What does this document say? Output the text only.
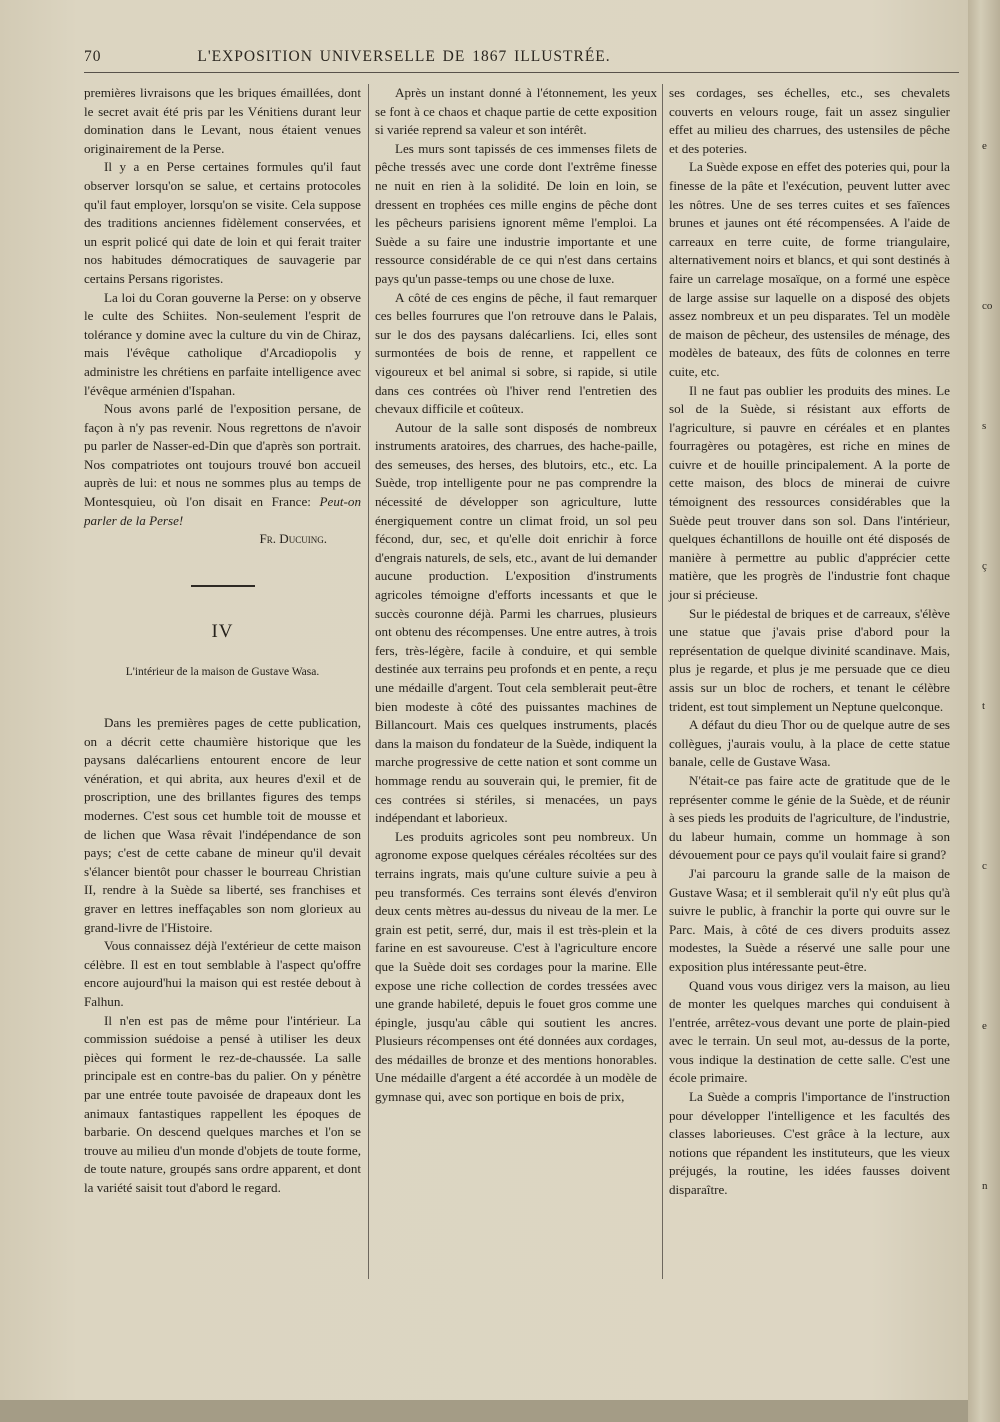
70	L'EXPOSITION UNIVERSELLE DE 1867 ILLUSTRÉE.

premières livraisons que les briques émaillées, dont le secret avait été pris par les Vénitiens durant leur domination dans le Levant, nous étaient venues originairement de la Perse.

Il y a en Perse certaines formules qu'il faut observer lorsqu'on se salue, et certains protocoles qu'il faut employer, lorsqu'on se visite. Cela suppose des traditions anciennes fidèlement conservées, et un esprit policé qui date de loin et qui ferait traiter nos habitudes démocratiques de sauvagerie par certains Persans rigoristes.

La loi du Coran gouverne la Perse: on y observe le culte des Schiites. Non-seulement l'esprit de tolérance y domine avec la culture du vin de Chiraz, mais l'évêque catholique d'Arcadiopolis y administre les chrétiens en parfaite intelligence avec l'évêque arménien d'Ispahan.

Nous avons parlé de l'exposition persane, de façon à n'y pas revenir. Nous regrettons de n'avoir pu parler de Nasser-ed-Din que d'après son portrait. Nos compatriotes ont toujours trouvé bon accueil auprès de lui: et nous ne sommes plus au temps de Montesquieu, où l'on disait en France: Peut-on parler de la Perse!

Fr. Ducuing.

IV
L'intérieur de la maison de Gustave Wasa.

Dans les premières pages de cette publication, on a décrit cette chaumière historique que les paysans dalécarliens entourent encore de leur vénération, et qui abrita, aux heures d'exil et de proscription, une des brillantes figures des temps modernes. C'est sous cet humble toit de mousse et de lichen que Wasa rêvait l'indépendance de son pays; c'est de cette cabane de mineur qu'il devait s'élancer bientôt pour chasser le bourreau Christian II, rendre à la Suède sa liberté, ses franchises et graver en lettres ineffaçables son nom glorieux au grand-livre de l'Histoire.

Vous connaissez déjà l'extérieur de cette maison célèbre. Il est en tout semblable à l'aspect qu'offre encore aujourd'hui la maison qui est restée debout à Falhun.

Il n'en est pas de même pour l'intérieur. La commission suédoise a pensé à utiliser les deux pièces qui forment le rez-de-chaussée. La salle principale est en contre-bas du palier. On y pénètre par une entrée toute pavoisée de drapeaux dont les animaux fantastiques rappellent les époques de barbarie. On descend quelques marches et l'on se trouve au milieu d'un monde d'objets de toute forme, de toute nature, groupés sans ordre apparent, et dont la variété saisit tout d'abord le regard.

Après un instant donné à l'étonnement, les yeux se font à ce chaos et chaque partie de cette exposition si variée reprend sa valeur et son intérêt.

Les murs sont tapissés de ces immenses filets de pêche tressés avec une corde dont l'extrême finesse ne nuit en rien à la solidité. De loin en loin, se dressent en trophées ces mille engins de pêche dont les pêcheurs parisiens ignorent même l'emploi. La Suède a su faire une industrie importante et une ressource considérable de ce qui n'est dans certains pays qu'un passe-temps ou une chose de luxe.

A côté de ces engins de pêche, il faut remarquer ces belles fourrures que l'on retrouve dans le Palais, sur le dos des paysans dalécarliens. Ici, elles sont surmontées de bois de renne, et rappellent ce vigoureux et bel animal si sobre, si rapide, si utile dans ces contrées où l'hiver rend l'entretien des chevaux difficile et coûteux.

Autour de la salle sont disposés de nombreux instruments aratoires, des charrues, des hache-paille, des semeuses, des herses, des blutoirs, etc., etc. La Suède, trop intelligente pour ne pas comprendre la nécessité de développer son agriculture, lutte énergiquement contre un climat froid, un sol peu fécond, dur, sec, et qu'elle doit enrichir à force d'engrais naturels, de sels, etc., avant de lui demander aucune production. L'exposition d'instruments agricoles témoigne d'efforts incessants et que le succès couronne déjà. Parmi les charrues, plusieurs ont obtenu des récompenses. Une entre autres, à trois fers, très-légère, facile à conduire, et qui semble destinée aux terrains peu profonds et en pente, a reçu une médaille d'argent. Tout cela semblerait peut-être bien modeste à côté des puissantes machines de Billancourt. Mais ces quelques instruments, placés dans la maison du fondateur de la Suède, indiquent la marche progressive de cette nation et sont comme un hommage rendu au souverain qui, le premier, fit de ces contrées si stériles, si menacées, un pays indépendant et laborieux.

Les produits agricoles sont peu nombreux. Un agronome expose quelques céréales récoltées sur des terrains ingrats, mais qu'une culture suivie a peu à peu transformés. Ces terrains sont élevés d'environ deux cents mètres au-dessus du niveau de la mer. Le grain est petit, serré, dur, mais il est très-plein et la farine en est savoureuse. C'est à l'agriculture encore que la Suède doit ses cordages pour la marine. Elle expose une riche collection de cordes tressées avec une grande habileté, depuis le fouet gros comme une épingle, jusqu'au câble qui soutient les ancres. Plusieurs récompenses ont été données aux cordages, des médailles de bronze et des mentions honorables. Une médaille d'argent a été accordée à un modèle de gymnase qui, avec son portique en bois de prix,

ses cordages, ses échelles, etc., ses chevalets couverts en velours rouge, fait un assez singulier effet au milieu des charrues, des ustensiles de pêche et des poteries.

La Suède expose en effet des poteries qui, pour la finesse de la pâte et l'exécution, peuvent lutter avec les nôtres. Une de ses terres cuites et ses faïences brunes et jaunes ont été récompensées. A l'aide de carreaux en terre cuite, de forme triangulaire, alternativement noirs et blancs, et qui sont destinés à faire un carrelage mosaïque, on a formé une espèce de large assise sur laquelle on a disposé des objets assez nombreux et un peu disparates. Tel un modèle de maison de pêcheur, des ustensiles de ménage, des modèles de bateaux, des fûts de colonnes en terre cuite, etc.

Il ne faut pas oublier les produits des mines. Le sol de la Suède, si résistant aux efforts de l'agriculture, si pauvre en céréales et en plantes fourragères ou potagères, est riche en mines de cuivre et de houille principalement. A la porte de cette maison, des blocs de minerai de cuivre témoignent des ressources considérables que la Suède peut trouver dans son sol. Dans l'intérieur, quelques échantillons de houille ont été disposés de manière à permettre au public d'apprécier cette matière, que les progrès de l'industrie font chaque jour si précieuse.

Sur le piédestal de briques et de carreaux, s'élève une statue que j'avais prise d'abord pour la représentation de quelque divinité scandinave. Mais, plus je regarde, et plus je me persuade que ce dieu assis sur un bloc de rochers, et tenant le célèbre trident, est tout simplement un Neptune quelconque.

A défaut du dieu Thor ou de quelque autre de ses collègues, j'aurais voulu, à la place de cette statue banale, celle de Gustave Wasa.

N'était-ce pas faire acte de gratitude que de le représenter comme le génie de la Suède, et de réunir à ses pieds les produits de l'agriculture, de l'industrie, du labeur humain, comme un hommage à son dévouement pour ce pays qu'il voulait faire si grand?

J'ai parcouru la grande salle de la maison de Gustave Wasa; et il semblerait qu'il n'y eût plus qu'à suivre le public, à franchir la porte qui ouvre sur le Parc. Mais, à côté de ces divers produits assez modestes, la Suède a réservé une salle pour une exposition plus intéressante peut-être.

Quand vous vous dirigez vers la maison, au lieu de monter les quelques marches qui conduisent à l'entrée, arrêtez-vous devant une porte de plain-pied avec le terrain. Un seul mot, au-dessus de la porte, vous indique la destination de cette salle. C'est une école primaire.

La Suède a compris l'importance de l'instruction pour développer l'intelligence et les facultés des classes laborieuses. C'est grâce à la lecture, aux notions que répandent les instituteurs, que les vieux préjugés, la routine, les idées fausses doivent disparaître.

e
co
s
ç
t
c
e
n
